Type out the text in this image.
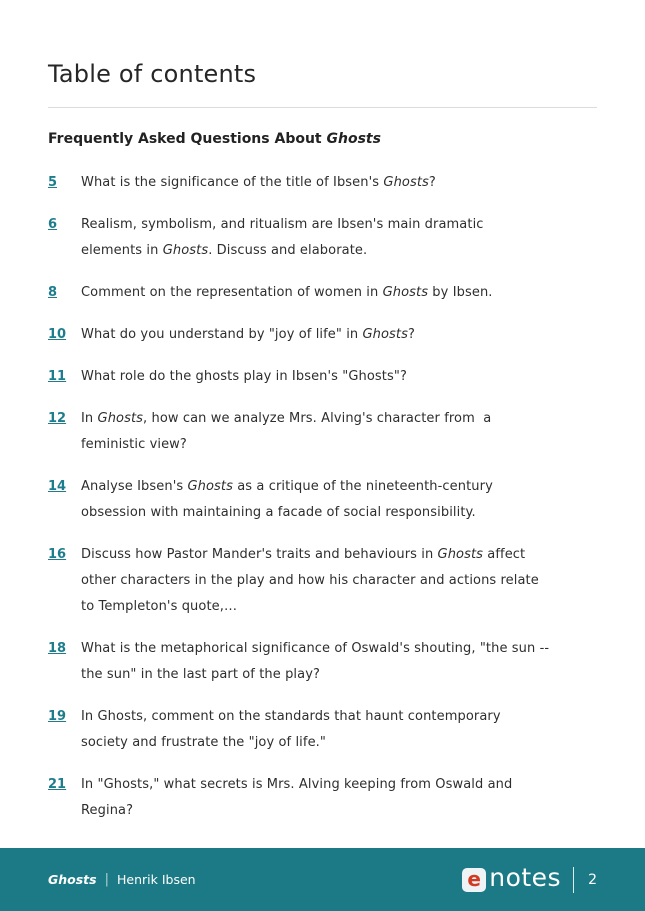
Table of contents
Frequently Asked Questions About Ghosts
5	What is the significance of the title of Ibsen's Ghosts?
6	Realism, symbolism, and ritualism are Ibsen's main dramatic
elements in Ghosts. Discuss and elaborate.
8	Comment on the representation of women in Ghosts by Ibsen.
10	What do you understand by "joy of life" in Ghosts?
11	What role do the ghosts play in Ibsen's "Ghosts"?
12	In Ghosts, how can we analyze Mrs. Alving's character from  a
feministic view?
14	Analyse Ibsen's Ghosts as a critique of the nineteenth-century
obsession with maintaining a facade of social responsibility.
16	Discuss how Pastor Mander's traits and behaviours in Ghosts affect
other characters in the play and how his character and actions relate
to Templeton's quote,…
18	What is the metaphorical significance of Oswald's shouting, "the sun --
the sun" in the last part of the play?
19	In Ghosts, comment on the standards that haunt contemporary
society and frustrate the "joy of life."
21	In "Ghosts," what secrets is Mrs. Alving keeping from Oswald and
Regina?
Ghosts | Henrik Ibsen	e notes 2
